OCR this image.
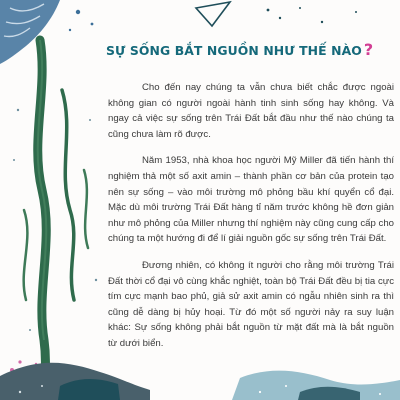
SỰ SỐNG BẮT NGUỒN NHƯ THẾ NÀO ?

Cho đến nay chúng ta vẫn chưa biết chắc được ngoài không gian có người ngoài hành tinh sinh sống hay không. Và ngay cả việc sự sống trên Trái Đất bắt đầu như thế nào chúng ta cũng chưa làm rõ được.

Năm 1953, nhà khoa học người Mỹ Miller đã tiến hành thí nghiệm thả một số axit amin – thành phần cơ bản của protein tạo nên sự sống – vào môi trường mô phỏng bầu khí quyển cổ đại. Mặc dù môi trường Trái Đất hàng tỉ năm trước không hề đơn giản như mô phỏng của Miller nhưng thí nghiệm này cũng cung cấp cho chúng ta một hướng đi để lí giải nguồn gốc sự sống trên Trái Đất.

Đương nhiên, có không ít người cho rằng môi trường Trái Đất thời cổ đại vô cùng khắc nghiệt, toàn bộ Trái Đất đều bị tia cực tím cực mạnh bao phủ, giả sử axit amin có ngẫu nhiên sinh ra thì cũng dễ dàng bị hủy hoại. Từ đó một số người nảy ra suy luận khác: Sự sống không phải bắt nguồn từ mặt đất mà là bắt nguồn từ dưới biển.
